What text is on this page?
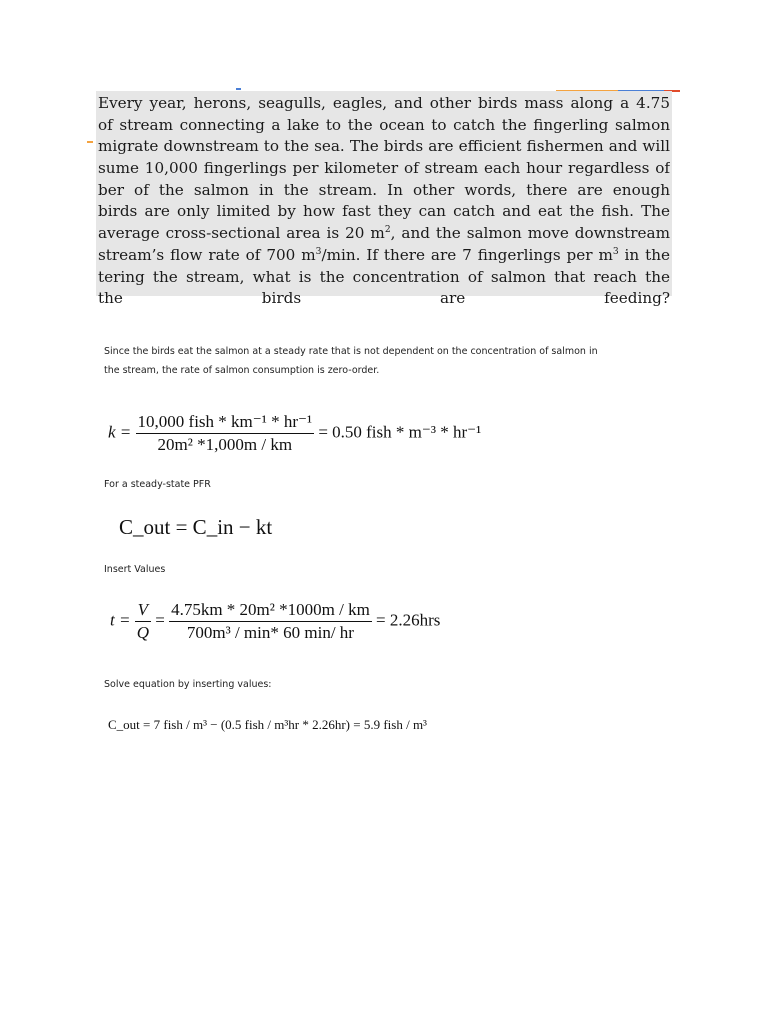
Every year, herons, seagulls, eagles, and other birds mass along a 4.75
of stream connecting a lake to the ocean to catch the fingerling salmon
migrate downstream to the sea. The birds are efficient fishermen and will
sume 10,000 fingerlings per kilometer of stream each hour regardless of
ber of the salmon in the stream. In other words, there are enough
birds are only limited by how fast they can catch and eat the fish. The
average cross-sectional area is 20 $m^2$, and the salmon move downstream
stream’s flow rate of 700 $m^3/\min$. If there are 7 fingerlings per $m^3$ in the
tering the stream, what is the concentration of salmon that reach the
the birds are feeding?
Since the birds eat the salmon at a steady rate that is not dependent on the concentration of salmon in
the stream, the rate of salmon consumption is zero-order.
$k = \frac{\text{10,000 fish * km⁻¹ * hr⁻¹}}{\text{20m² *1,000m / km}} = 0.50$ fish * m⁻³ * hr⁻¹
For a steady-state PFR
C_out = C_in − kt
Insert Values
$t = \frac{V}{Q} = \frac{\text{4.75km * 20m² *1000m / km}}{\text{700m³ / min* 60 min/ hr}} = 2.26hrs$
Solve equation by inserting values:
C_out = 7 fish / m³ − (0.5 fish / m³hr * 2.26hr) = 5.9 fish / m³
